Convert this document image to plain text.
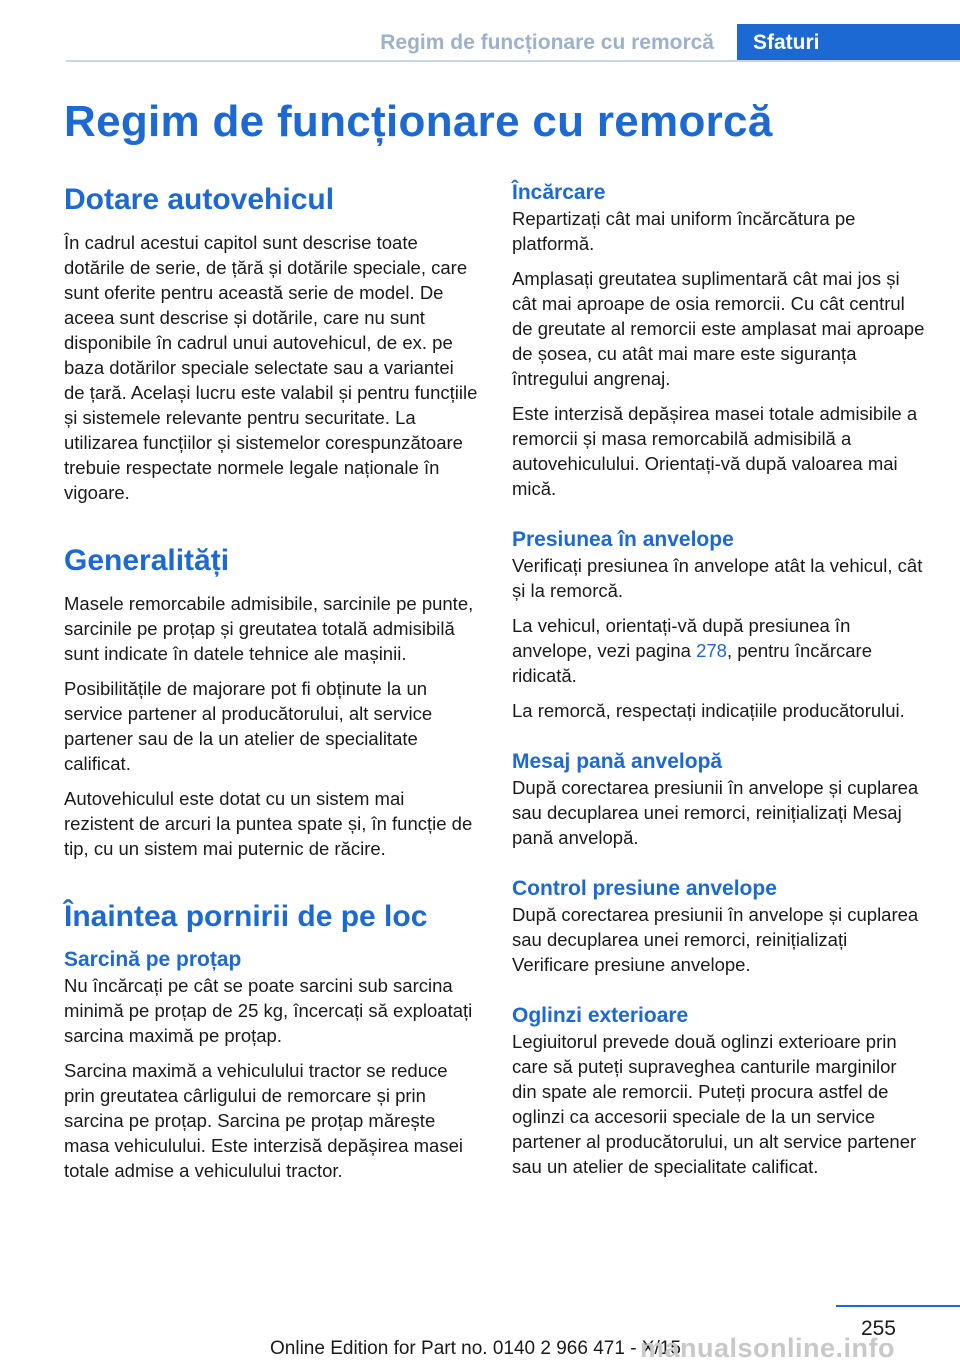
Regim de funcționare cu remorcă	Sfaturi
Regim de funcționare cu remorcă
Dotare autovehicul

În cadrul acestui capitol sunt descrise toate dotările de serie, de țără și dotările speciale, care sunt oferite pentru această serie de model. De aceea sunt descrise și dotările, care nu sunt disponibile în cadrul unui autovehicul, de ex. pe baza dotărilor speciale selectate sau a variantei de țară. Același lucru este valabil și pentru funcțiile și sistemele relevante pentru securitate. La utilizarea funcțiilor și sistemelor corespunzătoare trebuie respectate normele legale naționale în vigoare.

Generalități

Masele remorcabile admisibile, sarcinile pe punte, sarcinile pe proțap și greutatea totală admisibilă sunt indicate în datele tehnice ale mașinii.

Posibilitățile de majorare pot fi obținute la un service partener al producătorului, alt service partener sau de la un atelier de specialitate calificat.

Autovehiculul este dotat cu un sistem mai rezistent de arcuri la puntea spate și, în funcție de tip, cu un sistem mai puternic de răcire.

Înaintea pornirii de pe loc
Sarcină pe proțap

Nu încărcați pe cât se poate sarcini sub sarcina minimă pe proțap de 25 kg, încercați să exploatați sarcina maximă pe proțap.

Sarcina maximă a vehiculului tractor se reduce prin greutatea cârligului de remorcare și prin sarcina pe proțap. Sarcina pe proțap mărește masa vehiculului. Este interzisă depășirea masei totale admise a vehiculului tractor.

Încărcare

Repartizați cât mai uniform încărcătura pe platformă.

Amplasați greutatea suplimentară cât mai jos și cât mai aproape de osia remorcii. Cu cât centrul de greutate al remorcii este amplasat mai aproape de șosea, cu atât mai mare este siguranța întregului angrenaj.

Este interzisă depășirea masei totale admisibile a remorcii și masa remorcabilă admisibilă a autovehiculului. Orientați-vă după valoarea mai mică.

Presiunea în anvelope

Verificați presiunea în anvelope atât la vehicul, cât și la remorcă.

La vehicul, orientați-vă după presiunea în anvelope, vezi pagina 278, pentru încărcare ridicată.

La remorcă, respectați indicațiile producătorului.

Mesaj pană anvelopă

După corectarea presiunii în anvelope și cuplarea sau decuplarea unei remorci, reinițializați Mesaj pană anvelopă.

Control presiune anvelope

După corectarea presiunii în anvelope și cuplarea sau decuplarea unei remorci, reinițializați Verificare presiune anvelope.

Oglinzi exterioare

Legiuitorul prevede două oglinzi exterioare prin care să puteți supraveghea canturile marginilor din spate ale remorcii. Puteți procura astfel de oglinzi ca accesorii speciale de la un service partener al producătorului, un alt service partener sau un atelier de specialitate calificat.

255
Online Edition for Part no. 0140 2 966 471 - X/15
manualsonline.info
